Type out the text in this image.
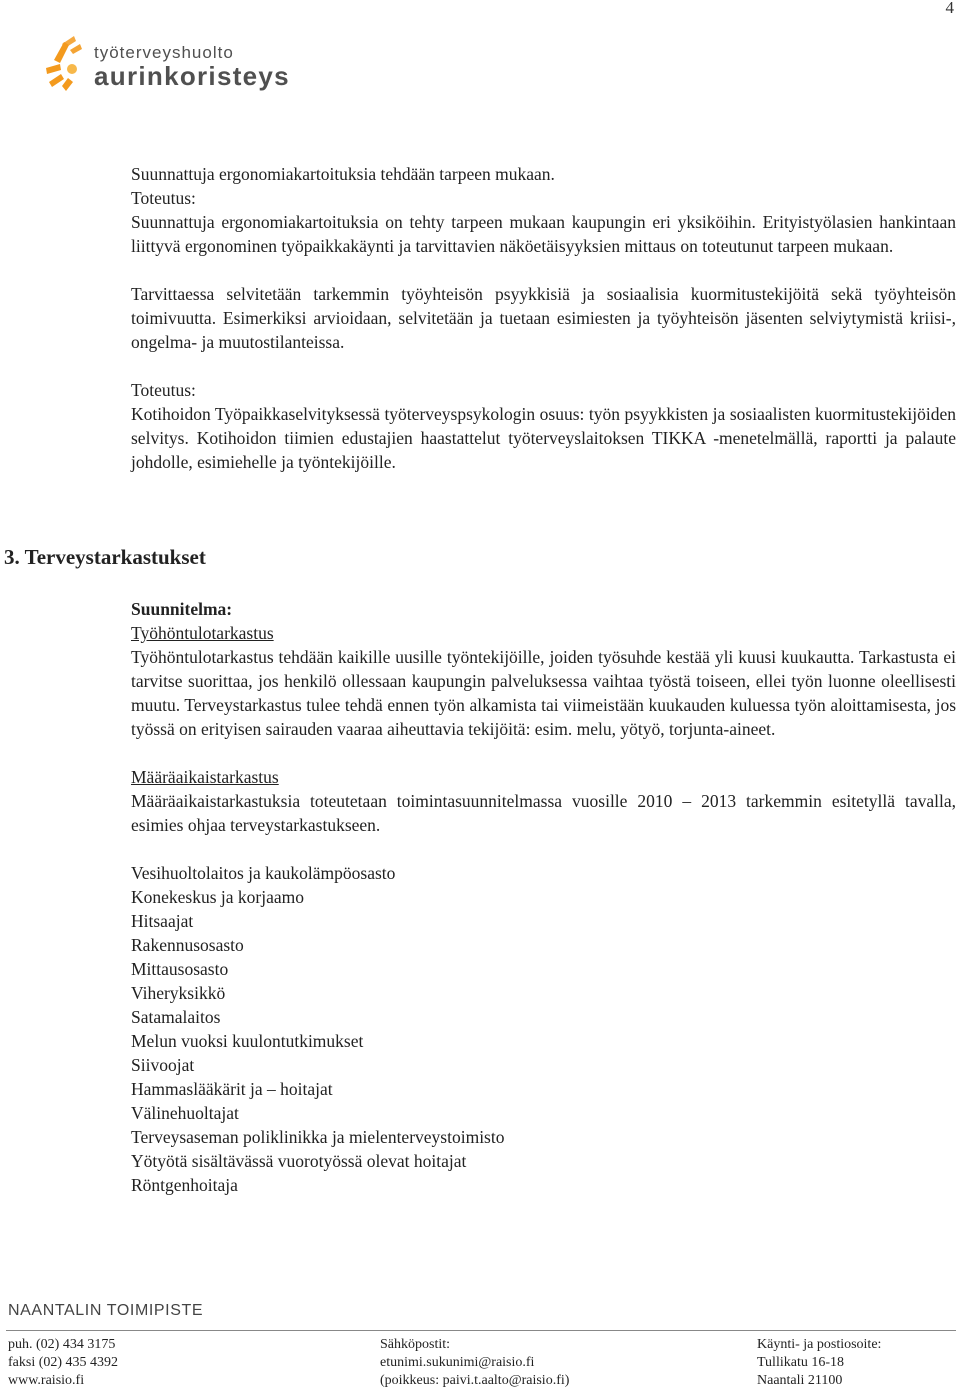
4
työterveyshuolto
aurinkoristeys

Suunnattuja ergonomiakartoituksia tehdään tarpeen mukaan.

Toteutus:

Suunnattuja ergonomiakartoituksia on tehty tarpeen mukaan kaupungin eri yksiköihin. Erityistyölasien hankintaan liittyvä ergonominen työpaikkakäynti ja tarvittavien näköetäisyyksien mittaus on toteutunut tarpeen mukaan.

Tarvittaessa selvitetään tarkemmin työyhteisön psyykkisiä ja sosiaalisia kuormitustekijöitä sekä työyhteisön toimivuutta. Esimerkiksi arvioidaan, selvitetään ja tuetaan esimiesten ja työyhteisön jäsenten selviytymistä kriisi-, ongelma- ja muutostilanteissa.

Toteutus:

Kotihoidon Työpaikkaselvityksessä työterveyspsykologin osuus: työn psyykkisten ja sosiaalisten kuormitustekijöiden selvitys. Kotihoidon tiimien edustajien haastattelut työterveyslaitoksen TIKKA -menetelmällä, raportti ja palaute johdolle, esimiehelle ja työntekijöille.

3. Terveystarkastukset

Suunnitelma:

Työhöntulotarkastus

Työhöntulotarkastus tehdään kaikille uusille työntekijöille, joiden työsuhde kestää yli kuusi kuukautta. Tarkastusta ei tarvitse suorittaa, jos henkilö ollessaan kaupungin palveluksessa vaihtaa työstä toiseen, ellei työn luonne oleellisesti muutu. Terveystarkastus tulee tehdä ennen työn alkamista tai viimeistään kuukauden kuluessa työn aloittamisesta, jos työssä on erityisen sairauden vaaraa aiheuttavia tekijöitä: esim. melu, yötyö, torjunta-aineet.

Määräaikaistarkastus

Määräaikaistarkastuksia toteutetaan toimintasuunnitelmassa vuosille 2010 – 2013 tarkemmin esitetyllä tavalla, esimies ohjaa terveystarkastukseen.

Vesihuoltolaitos ja kaukolämpöosasto

Konekeskus ja korjaamo

Hitsaajat

Rakennusosasto

Mittausosasto

Viheryksikkö

Satamalaitos

Melun vuoksi kuulontutkimukset

Siivoojat

Hammaslääkärit ja – hoitajat

Välinehuoltajat

Terveysaseman poliklinikka ja mielenterveystoimisto

Yötyötä sisältävässä vuorotyössä olevat hoitajat

Röntgenhoitaja

NAANTALIN TOIMIPISTE
puh. (02) 434 3175
faksi (02) 435 4392
www.raisio.fi
Sähköpostit:
etunimi.sukunimi@raisio.fi
(poikkeus: paivi.t.aalto@raisio.fi)
Käynti- ja postiosoite:
Tullikatu 16-18
Naantali 21100
